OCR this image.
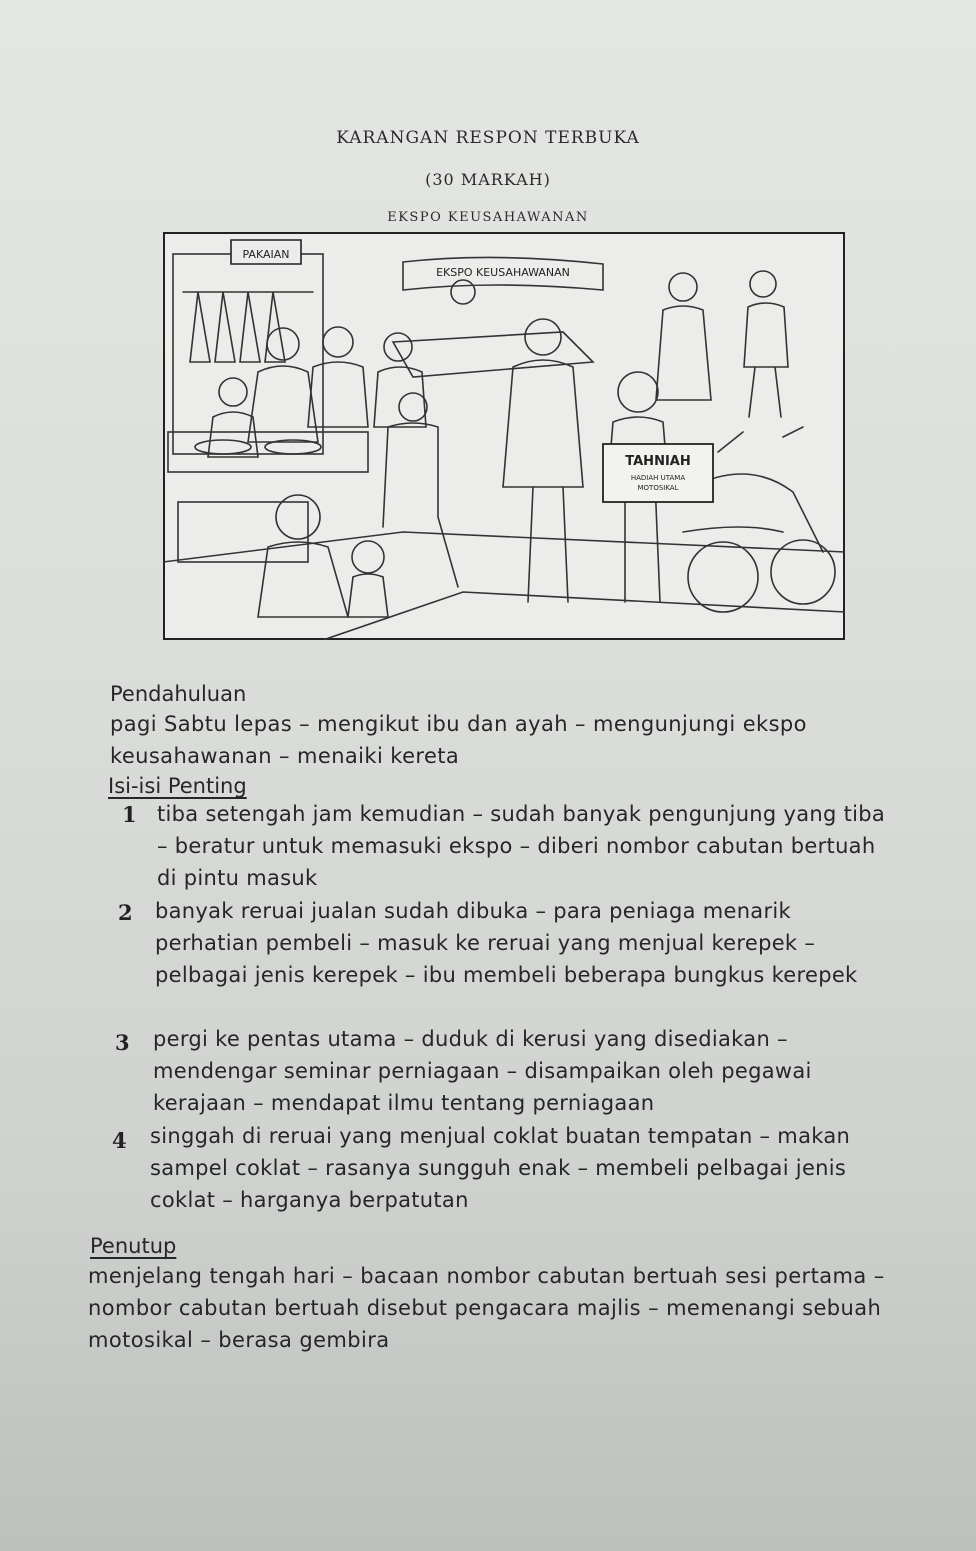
KARANGAN RESPON TERBUKA
(30 MARKAH)
EKSPO KEUSAHAWANAN
PAKAIAN
EKSPO KEUSAHAWANAN
TAHNIAH
HADIAH UTAMA
MOTOSIKAL
Pendahuluan
pagi Sabtu lepas – mengikut ibu dan ayah – mengunjungi ekspo keusahawanan – menaiki kereta
Isi-isi Penting
1 tiba setengah jam kemudian – sudah banyak pengunjung yang tiba – beratur untuk memasuki ekspo – diberi nombor cabutan bertuah di pintu masuk
2 banyak reruai jualan sudah dibuka – para peniaga menarik perhatian pembeli – masuk ke reruai yang menjual kerepek – pelbagai jenis kerepek – ibu membeli beberapa bungkus kerepek
3 pergi ke pentas utama – duduk di kerusi yang disediakan – mendengar seminar perniagaan – disampaikan oleh pegawai kerajaan – mendapat ilmu tentang perniagaan
4 singgah di reruai yang menjual coklat buatan tempatan – makan sampel coklat – rasanya sungguh enak – membeli pelbagai jenis coklat – harganya berpatutan
Penutup
menjelang tengah hari – bacaan nombor cabutan bertuah sesi pertama – nombor cabutan bertuah disebut pengacara majlis – memenangi sebuah motosikal – berasa gembira
